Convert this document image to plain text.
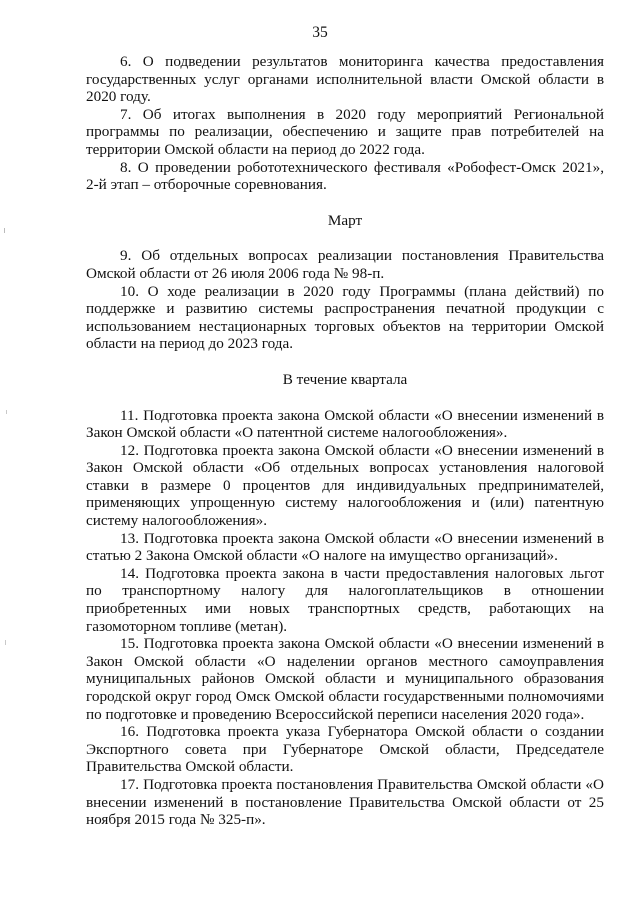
35

6. О подведении результатов мониторинга качества предоставления государственных услуг органами исполнительной власти Омской области в 2020 году.

7. Об итогах выполнения в 2020 году мероприятий Региональной программы по реализации, обеспечению и защите прав потребителей на территории Омской области на период до 2022 года.

8. О проведении робототехнического фестиваля «Робофест-Омск 2021», 2-й этап – отборочные соревнования.

Март

9. Об отдельных вопросах реализации постановления Правительства Омской области от 26 июля 2006 года № 98-п.

10. О ходе реализации в 2020 году Программы (плана действий) по поддержке и развитию системы распространения печатной продукции с использованием нестационарных торговых объектов на территории Омской области на период до 2023 года.

В течение квартала

11. Подготовка проекта закона Омской области «О внесении изменений в Закон Омской области «О патентной системе налогообложения».

12. Подготовка проекта закона Омской области «О внесении изменений в Закон Омской области «Об отдельных вопросах установления налоговой ставки в размере 0 процентов для индивидуальных предпринимателей, применяющих упрощенную систему налогообложения и (или) патентную систему налогообложения».

13. Подготовка проекта закона Омской области «О внесении изменений в статью 2 Закона Омской области «О налоге на имущество организаций».

14. Подготовка проекта закона в части предоставления налоговых льгот по транспортному налогу для налогоплательщиков в отношении приобретенных ими новых транспортных средств, работающих на газомоторном топливе (метан).

15. Подготовка проекта закона Омской области «О внесении изменений в Закон Омской области «О наделении органов местного самоуправления муниципальных районов Омской области и муниципального образования городской округ город Омск Омской области государственными полномочиями по подготовке и проведению Всероссийской переписи населения 2020 года».

16. Подготовка проекта указа Губернатора Омской области о создании Экспортного совета при Губернаторе Омской области, Председателе Правительства Омской области.

17. Подготовка проекта постановления Правительства Омской области «О внесении изменений в постановление Правительства Омской области от 25 ноября 2015 года № 325-п».
